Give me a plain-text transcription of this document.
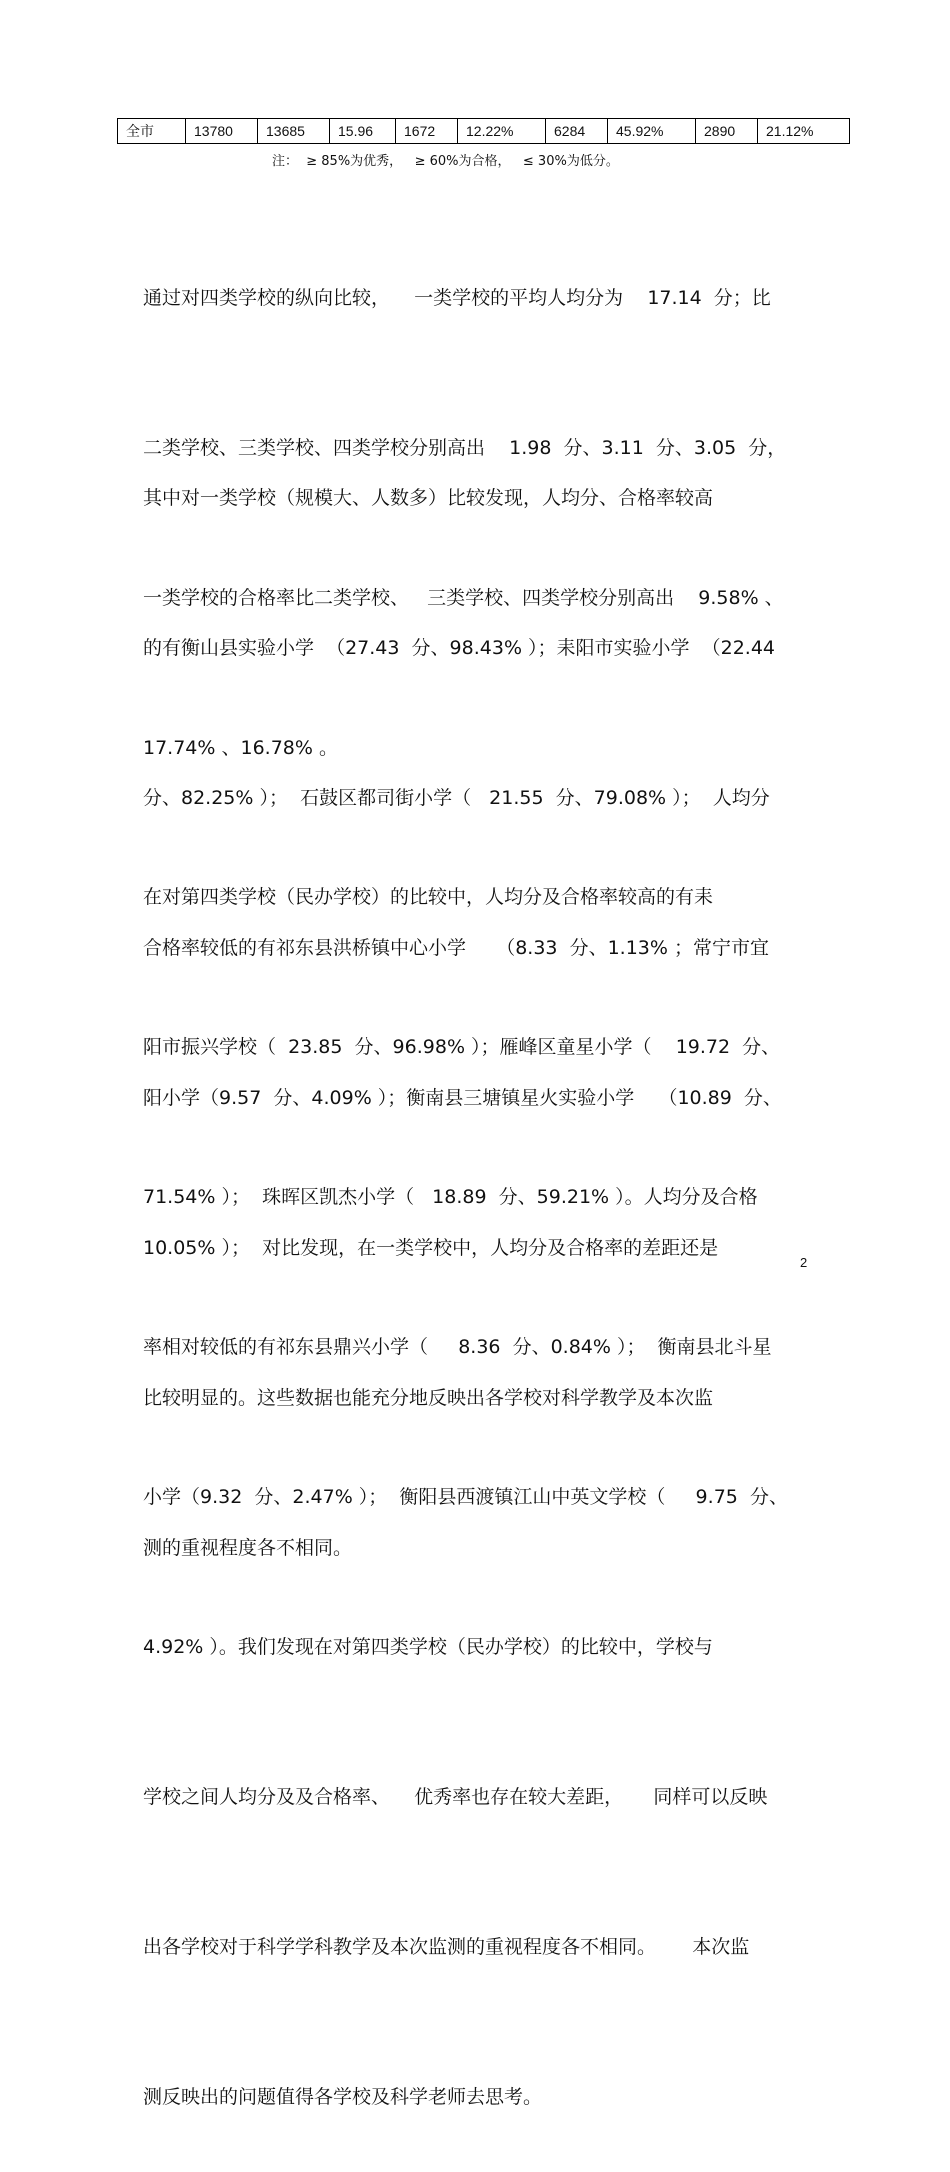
全市	13780	13685	15.96	1672	12.22%	6284	45.92%	2890	21.12%
注：  ≥ 85%为优秀，   ≥ 60%为合格，   ≤ 30%为低分。

通过对四类学校的纵向比较，    一类学校的平均人均分为    17.14  分；比

二类学校、三类学校、四类学校分别高出    1.98  分、3.11  分、3.05  分，

一类学校的合格率比二类学校、   三类学校、四类学校分别高出    9.58% 、

17.74% 、16.78% 。

其中对一类学校（规模大、人数多）比较发现，人均分、合格率较高

的有衡山县实验小学  （27.43  分、98.43% ）；耒阳市实验小学  （22.44

分、82.25% ）；  石鼓区都司街小学（   21.55  分、79.08% ）；  人均分

合格率较低的有祁东县洪桥镇中心小学     （8.33  分、1.13% ；常宁市宜

阳小学（9.57  分、4.09% ）；衡南县三塘镇星火实验小学    （10.89  分、

10.05% ）；  对比发现，在一类学校中，人均分及合格率的差距还是

比较明显的。这些数据也能充分地反映出各学校对科学教学及本次监

测的重视程度各不相同。

在对第四类学校（民办学校）的比较中，人均分及合格率较高的有耒

阳市振兴学校（  23.85  分、96.98% ）；雁峰区童星小学（    19.72  分、

71.54% ）；  珠晖区凯杰小学（   18.89  分、59.21% ）。人均分及合格

率相对较低的有祁东县鼎兴小学（     8.36  分、0.84% ）；  衡南县北斗星

小学（9.32  分、2.47% ）；  衡阳县西渡镇江山中英文学校（     9.75  分、

4.92% ）。我们发现在对第四类学校（民办学校）的比较中，学校与

学校之间人均分及及合格率、    优秀率也存在较大差距，     同样可以反映

出各学校对于科学学科教学及本次监测的重视程度各不相同。      本次监

测反映出的问题值得各学校及科学老师去思考。

2
